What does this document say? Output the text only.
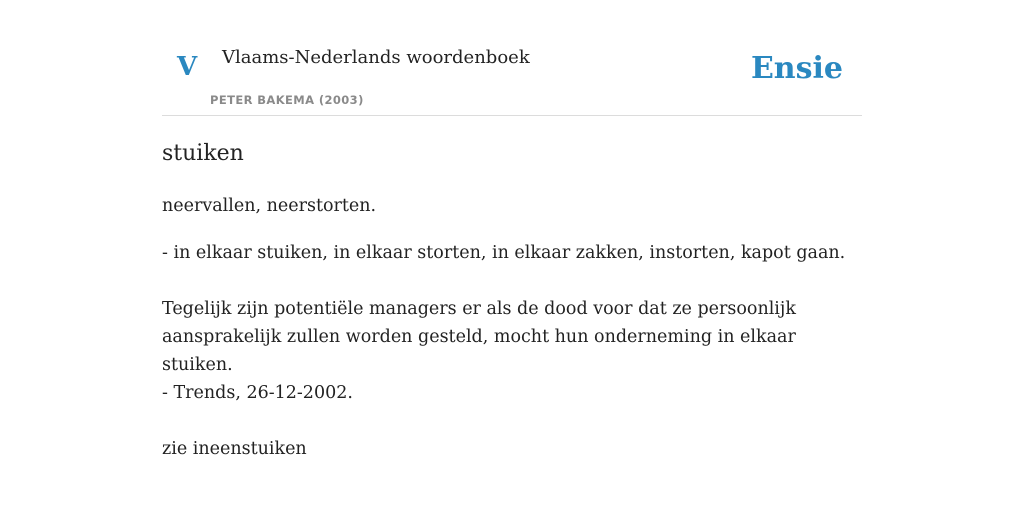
V Vlaams-Nederlands woordenboek
PETER BAKEMA (2003)
Ensie
stuiken
neervallen, neerstorten.
- in elkaar stuiken, in elkaar storten, in elkaar zakken, instorten, kapot gaan.
Tegelijk zijn potentiële managers er als de dood voor dat ze persoonlijk aansprakelijk zullen worden gesteld, mocht hun onderneming in elkaar stuiken.
- Trends, 26-12-2002.
zie ineenstuiken
